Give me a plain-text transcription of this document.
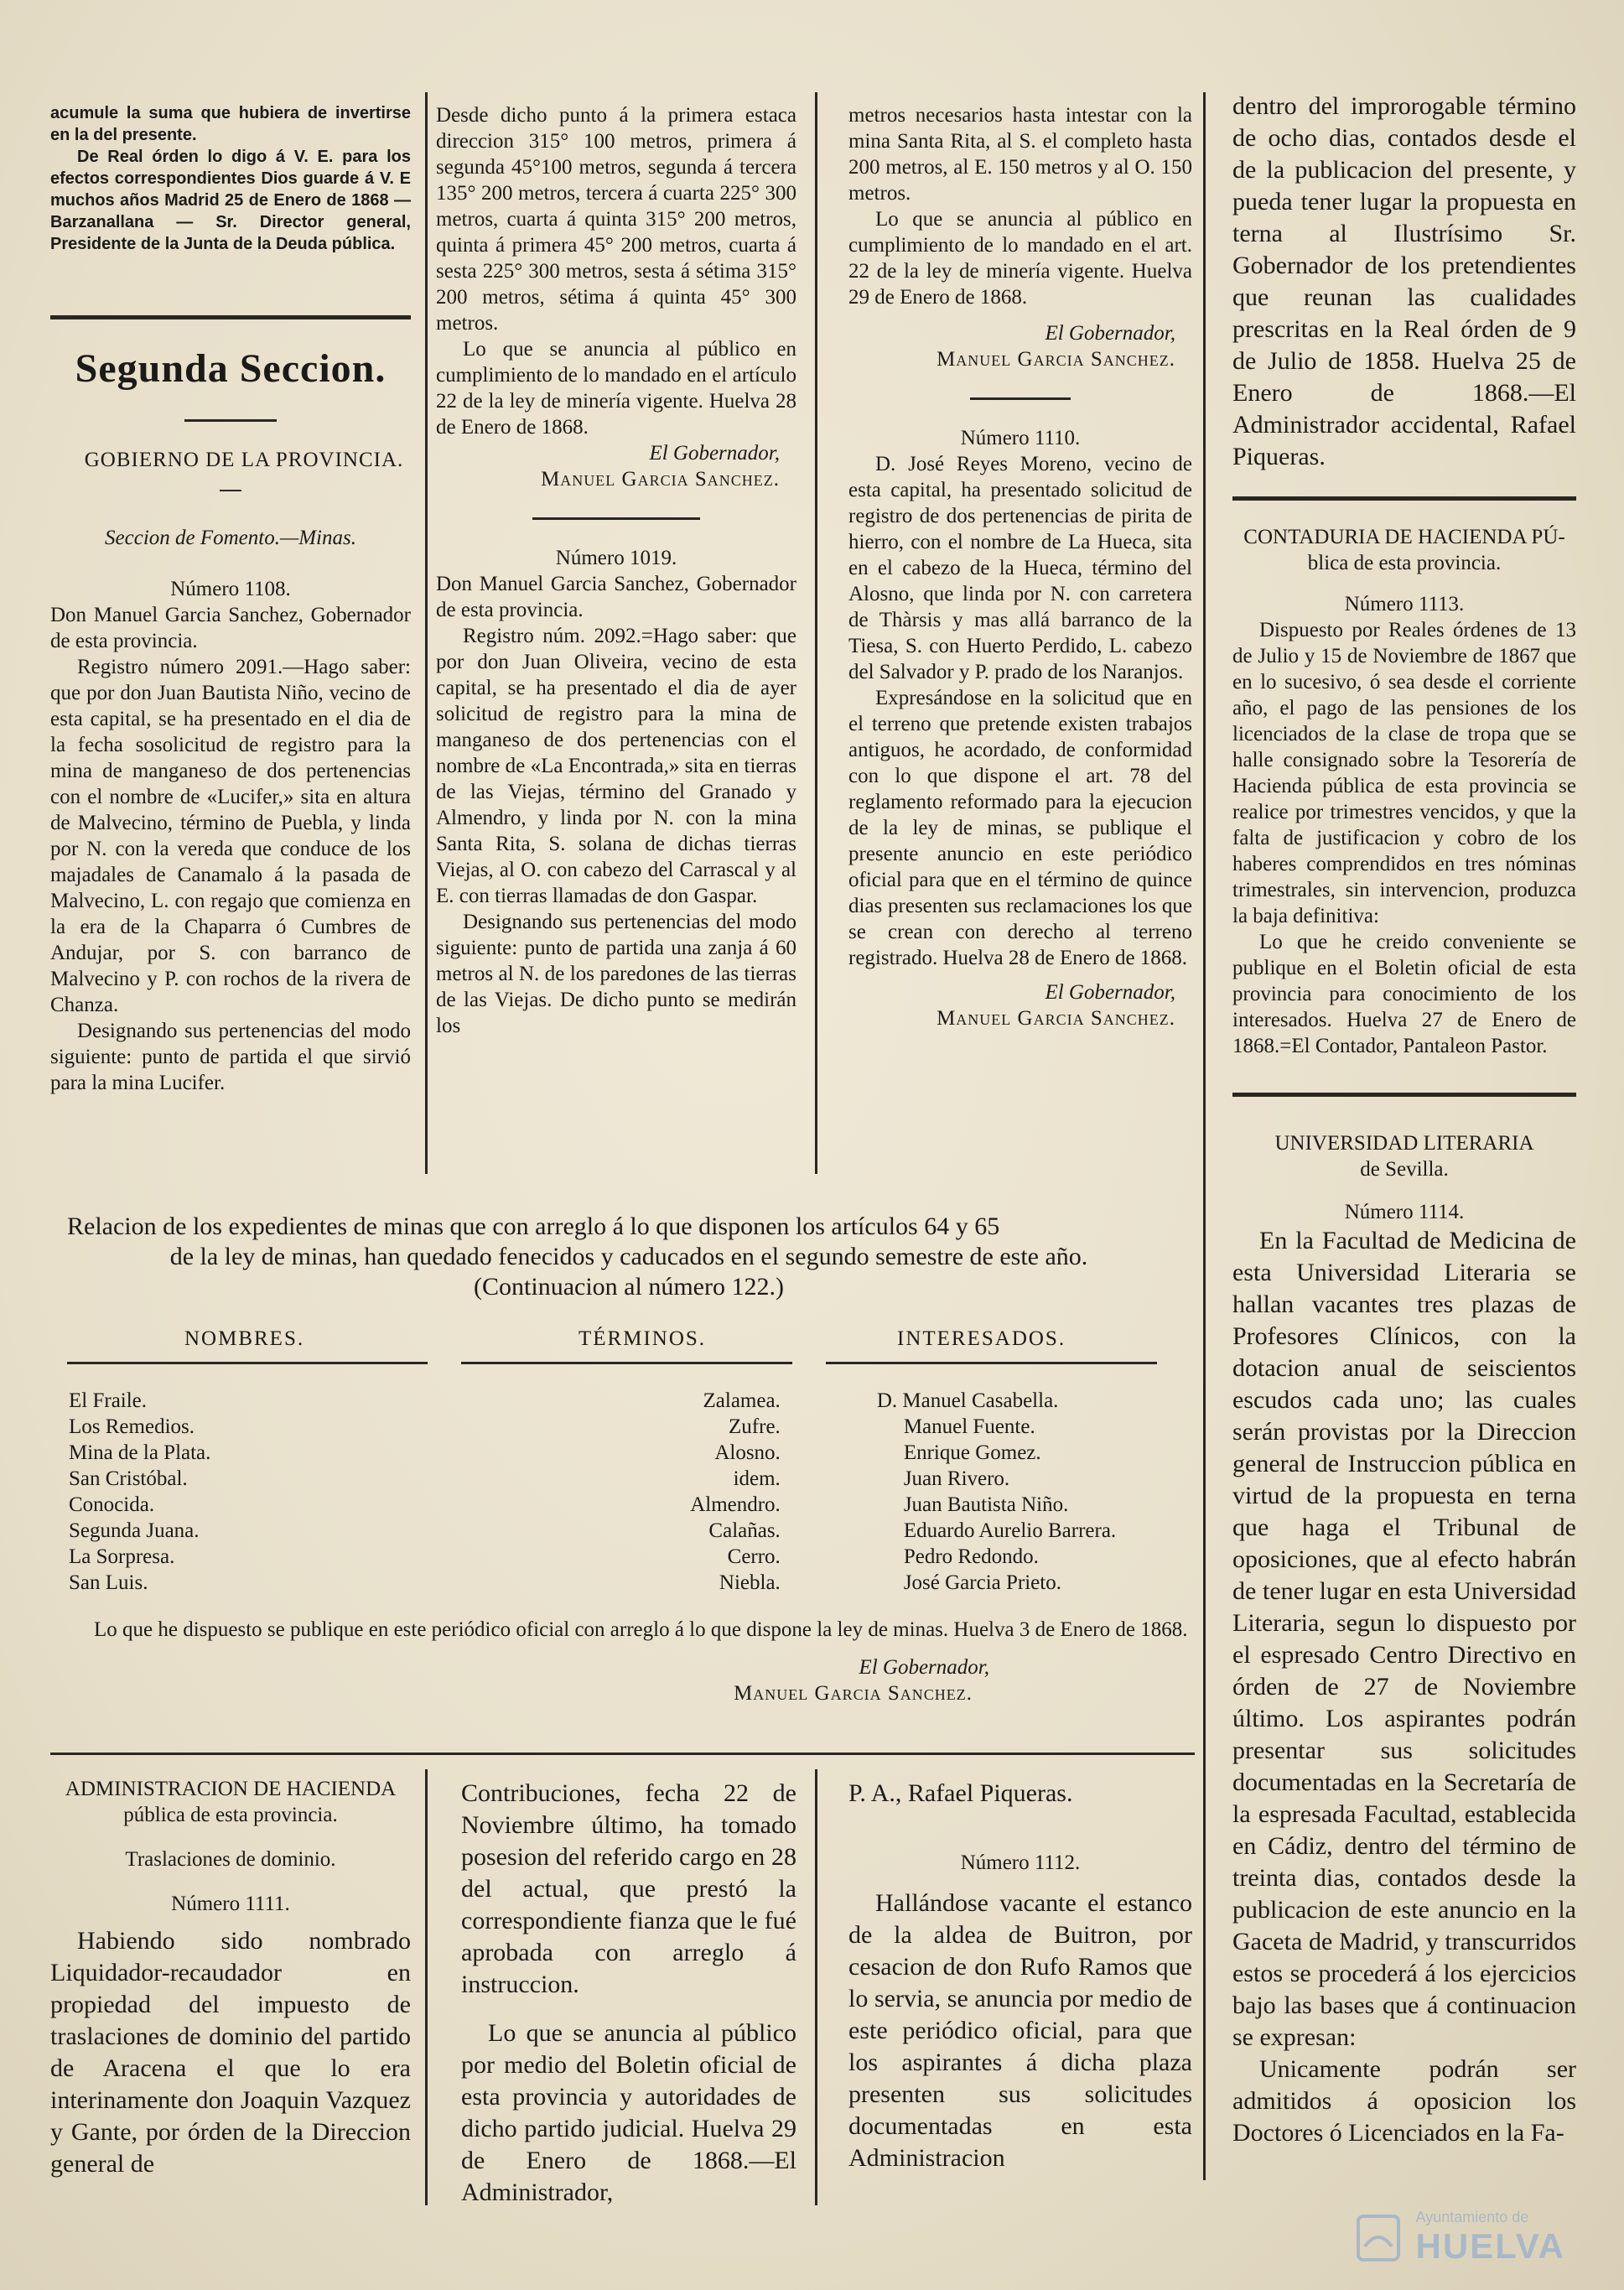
acumule la suma que hubiera de invertirse en la del presente.

De Real órden lo digo á V. E. para los efectos correspondientes Dios guarde á V. E muchos años Madrid 25 de Enero de 1868 —Barzanallana — Sr. Director general, Presidente de la Junta de la Deuda pública.

Segunda Seccion.

GOBIERNO DE LA PROVINCIA.

Seccion de Fomento.—Minas.

Número 1108.

Don Manuel Garcia Sanchez, Gobernador de esta provincia.

Registro número 2091.—Hago saber: que por don Juan Bautista Niño, vecino de esta capital, se ha presentado en el dia de la fecha sosolicitud de registro para la mina de manganeso de dos pertenencias con el nombre de «Lucifer,» sita en altura de Malvecino, término de Puebla, y linda por N. con la vereda que conduce de los majadales de Canamalo á la pasada de Malvecino, L. con regajo que comienza en la era de la Chaparra ó Cumbres de Andujar, por S. con barranco de Malvecino y P. con rochos de la rivera de Chanza.

Designando sus pertenencias del modo siguiente: punto de partida el que sirvió para la mina Lucifer.

Desde dicho punto á la primera estaca direccion 315° 100 metros, primera á segunda 45°100 metros, segunda á tercera 135° 200 metros, tercera á cuarta 225° 300 metros, cuarta á quinta 315° 200 metros, quinta á primera 45° 200 metros, cuarta á sesta 225° 300 metros, sesta á sétima 315° 200 metros, sétima á quinta 45° 300 metros.

Lo que se anuncia al público en cumplimiento de lo mandado en el artículo 22 de la ley de minería vigente. Huelva 28 de Enero de 1868.

El Gobernador,

Manuel Garcia Sanchez.

Número 1019.

Don Manuel Garcia Sanchez, Gobernador de esta provincia.

Registro núm. 2092.=Hago saber: que por don Juan Oliveira, vecino de esta capital, se ha presentado el dia de ayer solicitud de registro para la mina de manganeso de dos pertenencias con el nombre de «La Encontrada,» sita en tierras de las Viejas, término del Granado y Almendro, y linda por N. con la mina Santa Rita, S. solana de dichas tierras Viejas, al O. con cabezo del Carrascal y al E. con tierras llamadas de don Gaspar.

Designando sus pertenencias del modo siguiente: punto de partida una zanja á 60 metros al N. de los paredones de las tierras de las Viejas. De dicho punto se medirán los

metros necesarios hasta intestar con la mina Santa Rita, al S. el completo hasta 200 metros, al E. 150 metros y al O. 150 metros.

Lo que se anuncia al público en cumplimiento de lo mandado en el art. 22 de la ley de minería vigente. Huelva 29 de Enero de 1868.

El Gobernador,

Manuel Garcia Sanchez.

Número 1110.

D. José Reyes Moreno, vecino de esta capital, ha presentado solicitud de registro de dos pertenencias de pirita de hierro, con el nombre de La Hueca, sita en el cabezo de la Hueca, término del Alosno, que linda por N. con carretera de Thàrsis y mas allá barranco de la Tiesa, S. con Huerto Perdido, L. cabezo del Salvador y P. prado de los Naranjos.

Expresándose en la solicitud que en el terreno que pretende existen trabajos antiguos, he acordado, de conformidad con lo que dispone el art. 78 del reglamento reformado para la ejecucion de la ley de minas, se publique el presente anuncio en este periódico oficial para que en el término de quince dias presenten sus reclamaciones los que se crean con derecho al terreno registrado. Huelva 28 de Enero de 1868.

El Gobernador,

Manuel Garcia Sanchez.

dentro del improrogable término de ocho dias, contados desde el de la publicacion del presente, y pueda tener lugar la propuesta en terna al Ilustrísimo Sr. Gobernador de los pretendientes que reunan las cualidades prescritas en la Real órden de 9 de Julio de 1858. Huelva 25 de Enero de 1868.—El Administrador accidental, Rafael Piqueras.

CONTADURIA DE HACIENDA PÚ-

blica de esta provincia.

Número 1113.

Dispuesto por Reales órdenes de 13 de Julio y 15 de Noviembre de 1867 que en lo sucesivo, ó sea desde el corriente año, el pago de las pensiones de los licenciados de la clase de tropa que se halle consignado sobre la Tesorería de Hacienda pública de esta provincia se realice por trimestres vencidos, y que la falta de justificacion y cobro de los haberes comprendidos en tres nóminas trimestrales, sin intervencion, produzca la baja definitiva:

Lo que he creido conveniente se publique en el Boletin oficial de esta provincia para conocimiento de los interesados. Huelva 27 de Enero de 1868.=El Contador, Pantaleon Pastor.

UNIVERSIDAD LITERARIA

de Sevilla.

Número 1114.

En la Facultad de Medicina de esta Universidad Literaria se hallan vacantes tres plazas de Profesores Clínicos, con la dotacion anual de seiscientos escudos cada uno; las cuales serán provistas por la Direccion general de Instruccion pública en virtud de la propuesta en terna que haga el Tribunal de oposiciones, que al efecto habrán de tener lugar en esta Universidad Literaria, segun lo dispuesto por el espresado Centro Directivo en órden de 27 de Noviembre último. Los aspirantes podrán presentar sus solicitudes documentadas en la Secretaría de la espresada Facultad, establecida en Cádiz, dentro del término de treinta dias, contados desde la publicacion de este anuncio en la Gaceta de Madrid, y transcurridos estos se procederá á los ejercicios bajo las bases que á continuacion se expresan:

Unicamente podrán ser admitidos á oposicion los Doctores ó Licenciados en la Fa-

Relacion de los expedientes de minas que con arreglo á lo que disponen los artículos 64 y 65
de la ley de minas, han quedado fenecidos y caducados en el segundo semestre de este año.
(Continuacion al número 122.)
NOMBRES.	TÉRMINOS.	INTERESADOS.
El Fraile.	Zalamea.	D. Manuel Casabella.
Los Remedios.	Zufre.	Manuel Fuente.
Mina de la Plata.	Alosno.	Enrique Gomez.
San Cristóbal.	idem.	Juan Rivero.
Conocida.	Almendro.	Juan Bautista Niño.
Segunda Juana.	Calañas.	Eduardo Aurelio Barrera.
La Sorpresa.	Cerro.	Pedro Redondo.
San Luis.	Niebla.	José Garcia Prieto.

Lo que he dispuesto se publique en este periódico oficial con arreglo á lo que dispone la ley de minas. Huelva 3 de Enero de 1868.

El Gobernador,

Manuel Garcia Sanchez.

ADMINISTRACION DE HACIENDA

pública de esta provincia.

Traslaciones de dominio.

Número 1111.

Habiendo sido nombrado Liquidador-recaudador en propiedad del impuesto de traslaciones de dominio del partido de Aracena el que lo era interinamente don Joaquin Vazquez y Gante, por órden de la Direccion general de

Contribuciones, fecha 22 de Noviembre último, ha tomado posesion del referido cargo en 28 del actual, que prestó la correspondiente fianza que le fué aprobada con arreglo á instruccion.

Lo que se anuncia al público por medio del Boletin oficial de esta provincia y autoridades de dicho partido judicial. Huelva 29 de Enero de 1868.—El Administrador,

P. A., Rafael Piqueras.

Número 1112.

Hallándose vacante el estanco de la aldea de Buitron, por cesacion de don Rufo Ramos que lo servia, se anuncia por medio de este periódico oficial, para que los aspirantes á dicha plaza presenten sus solicitudes documentadas en esta Administracion

Ayuntamiento de
HUELVA
